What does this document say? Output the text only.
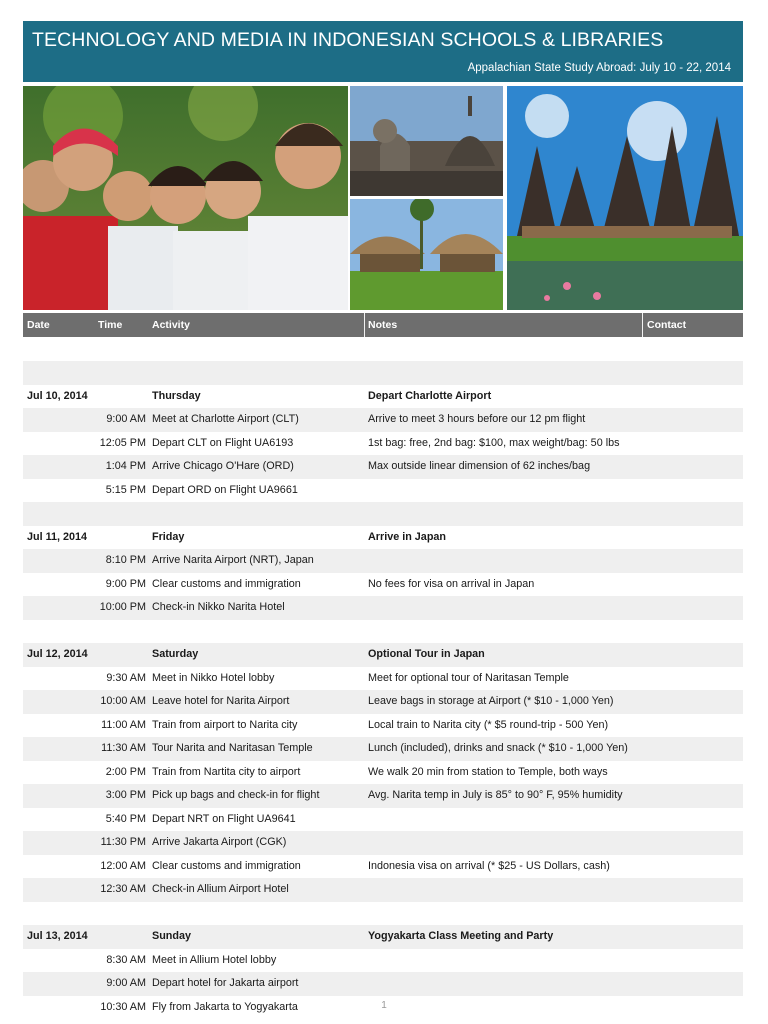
TECHNOLOGY AND MEDIA IN INDONESIAN SCHOOLS & LIBRARIES
Appalachian State Study Abroad: July 10 - 22, 2014
Date	Time	Activity	Notes	Contact
Jul 10, 2014	Thursday	Depart Charlotte Airport
9:00 AM Meet at Charlotte Airport (CLT)	Arrive to meet 3 hours before our 12 pm flight
12:05 PM Depart CLT on Flight UA6193	1st bag: free, 2nd bag: $100, max weight/bag: 50 lbs
1:04 PM Arrive Chicago O'Hare (ORD)	Max outside linear dimension of 62 inches/bag
5:15 PM Depart ORD on Flight UA9661
Jul 11, 2014	Friday	Arrive in Japan
8:10 PM Arrive Narita Airport (NRT), Japan
9:00 PM Clear customs and immigration	No fees for visa on arrival in Japan
10:00 PM Check-in Nikko Narita Hotel
Jul 12, 2014	Saturday	Optional Tour in Japan
9:30 AM Meet in Nikko Hotel lobby	Meet for optional tour of Naritasan Temple
10:00 AM Leave hotel for Narita Airport	Leave bags in storage at Airport (* $10 - 1,000 Yen)
11:00 AM Train from airport to Narita city	Local train to Narita city (* $5 round-trip - 500 Yen)
11:30 AM Tour Narita and Naritasan Temple	Lunch (included), drinks and snack (* $10 - 1,000 Yen)
2:00 PM Train from Nartita city to airport	We walk 20 min from station to Temple, both ways
3:00 PM Pick up bags and check-in for flight	Avg. Narita temp in July is 85° to 90° F, 95% humidity
5:40 PM Depart NRT on Flight UA9641
11:30 PM Arrive Jakarta Airport (CGK)
12:00 AM Clear customs and immigration	Indonesia visa on arrival (* $25 - US Dollars, cash)
12:30 AM Check-in Allium Airport Hotel
Jul 13, 2014	Sunday	Yogyakarta Class Meeting and Party
8:30 AM Meet in Allium Hotel lobby
9:00 AM Depart hotel for Jakarta airport
10:30 AM Fly from Jakarta to Yogyakarta	1
